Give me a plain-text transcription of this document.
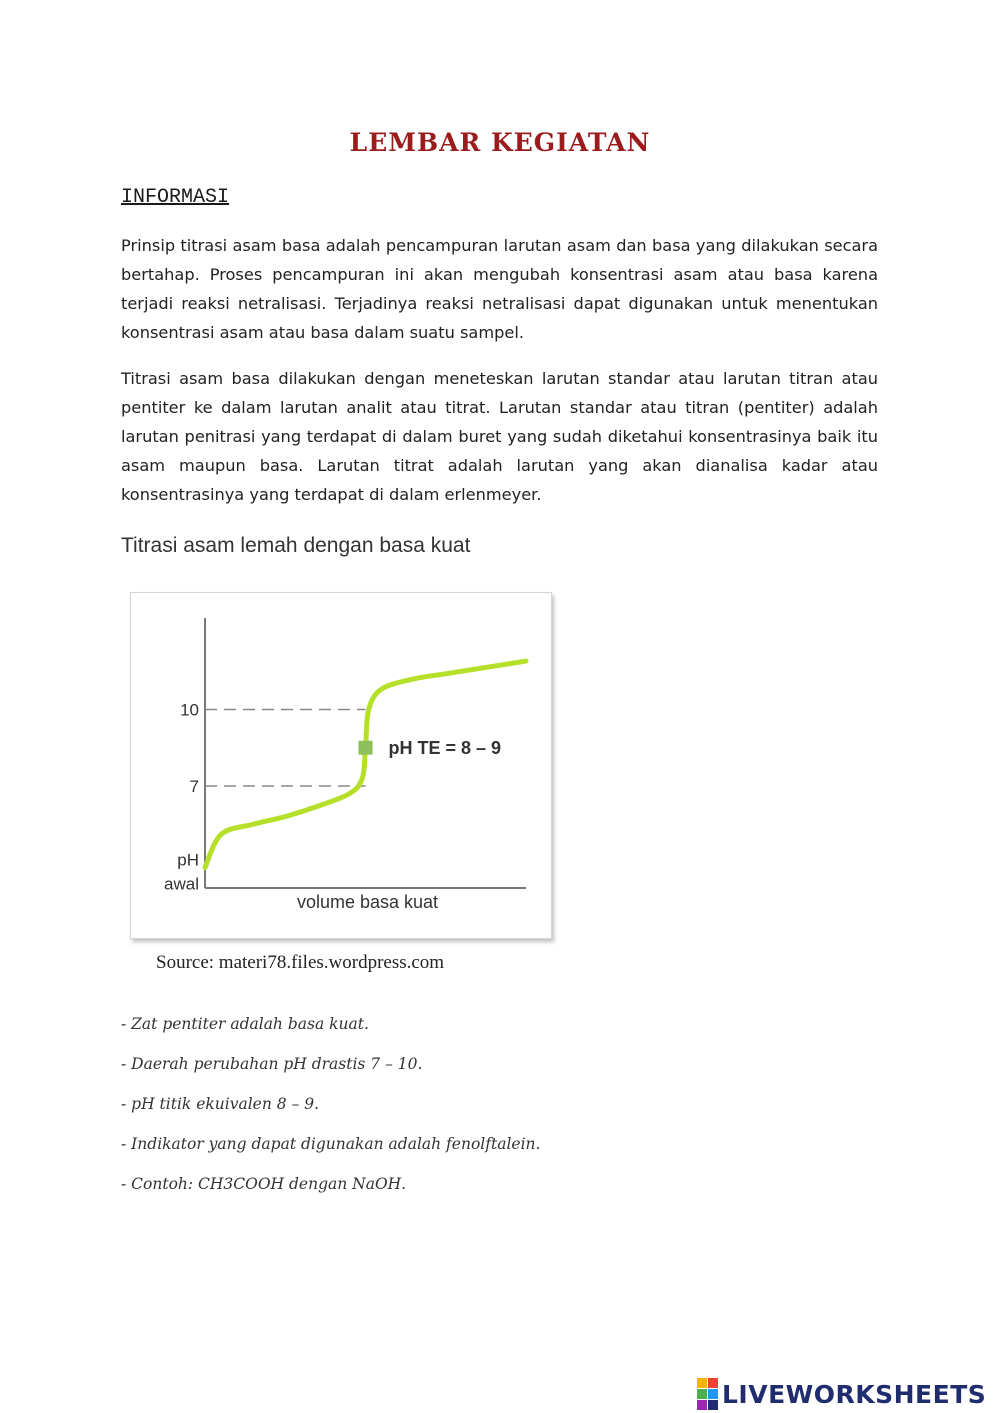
LEMBAR KEGIATAN
INFORMASI

Prinsip titrasi asam basa adalah pencampuran larutan asam dan basa yang dilakukan secara bertahap. Proses pencampuran ini akan mengubah konsentrasi asam atau basa karena terjadi reaksi netralisasi. Terjadinya reaksi netralisasi dapat digunakan untuk menentukan konsentrasi asam atau basa dalam suatu sampel.

Titrasi asam basa dilakukan dengan meneteskan larutan standar atau larutan titran atau pentiter ke dalam larutan analit atau titrat. Larutan standar atau titran (pentiter) adalah larutan penitrasi yang terdapat di dalam buret yang sudah diketahui konsentrasinya baik itu asam maupun basa. Larutan titrat adalah larutan yang akan dianalisa kadar atau konsentrasinya yang terdapat di dalam erlenmeyer.

Titrasi asam lemah dengan basa kuat
7
10
pH TE = 8 – 9
pH
awal
volume basa kuat
Source: materi78.files.wordpress.com
- Zat pentiter adalah basa kuat.
- Daerah perubahan pH drastis 7 – 10.
- pH titik ekuivalen 8 – 9.
- Indikator yang dapat digunakan adalah fenolftalein.
- Contoh: CH3COOH dengan NaOH.
LIVEWORKSHEETS
